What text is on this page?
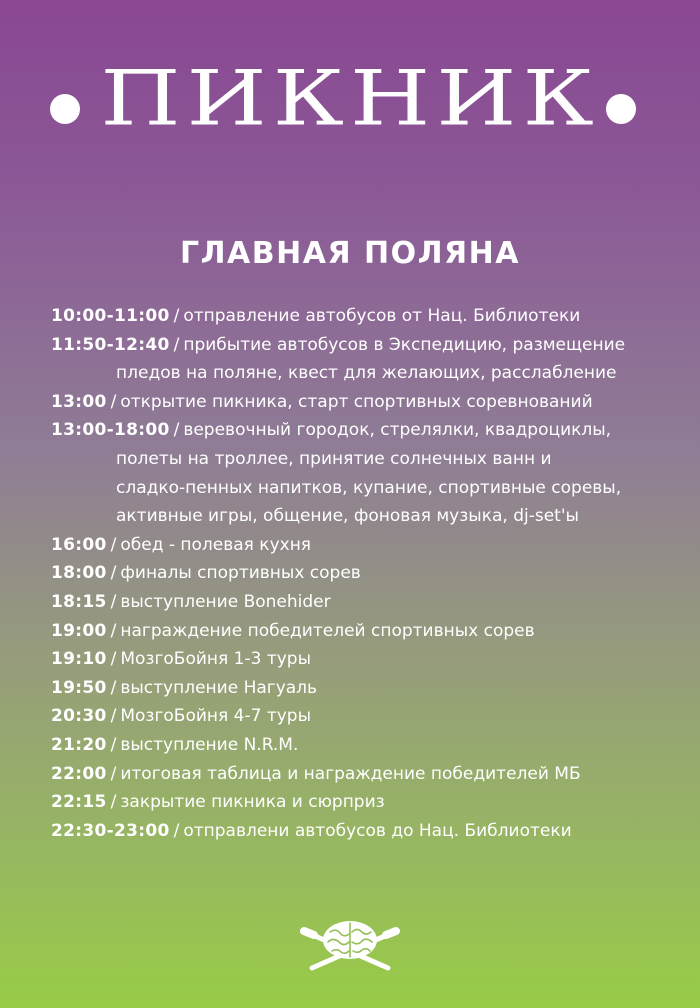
ПИКНИК
ГЛАВНАЯ ПОЛЯНА
10:00-11:00 / отправление автобусов от Нац. Библиотеки
11:50-12:40 / прибытие автобусов в Экспедицию, размещение
пледов на поляне, квест для желающих, расслабление
13:00 / открытие пикника, старт спортивных соревнований
13:00-18:00 / веревочный городок, стрелялки, квадроциклы,
полеты на троллее, принятие солнечных ванн и
сладко-пенных напитков, купание, спортивные соревы,
активные игры, общение, фоновая музыка, dj-set'ы
16:00 / обед - полевая кухня
18:00 / финалы спортивных сорев
18:15 / выступление Bonehider
19:00 / награждение победителей спортивных сорев
19:10 / МозгоБойня 1-3 туры
19:50 / выступление Нагуаль
20:30 / МозгоБойня 4-7 туры
21:20 / выступление N.R.M.
22:00 / итоговая таблица и награждение победителей МБ
22:15 / закрытие пикника и сюрприз
22:30-23:00 / отправлени автобусов до Нац. Библиотеки
